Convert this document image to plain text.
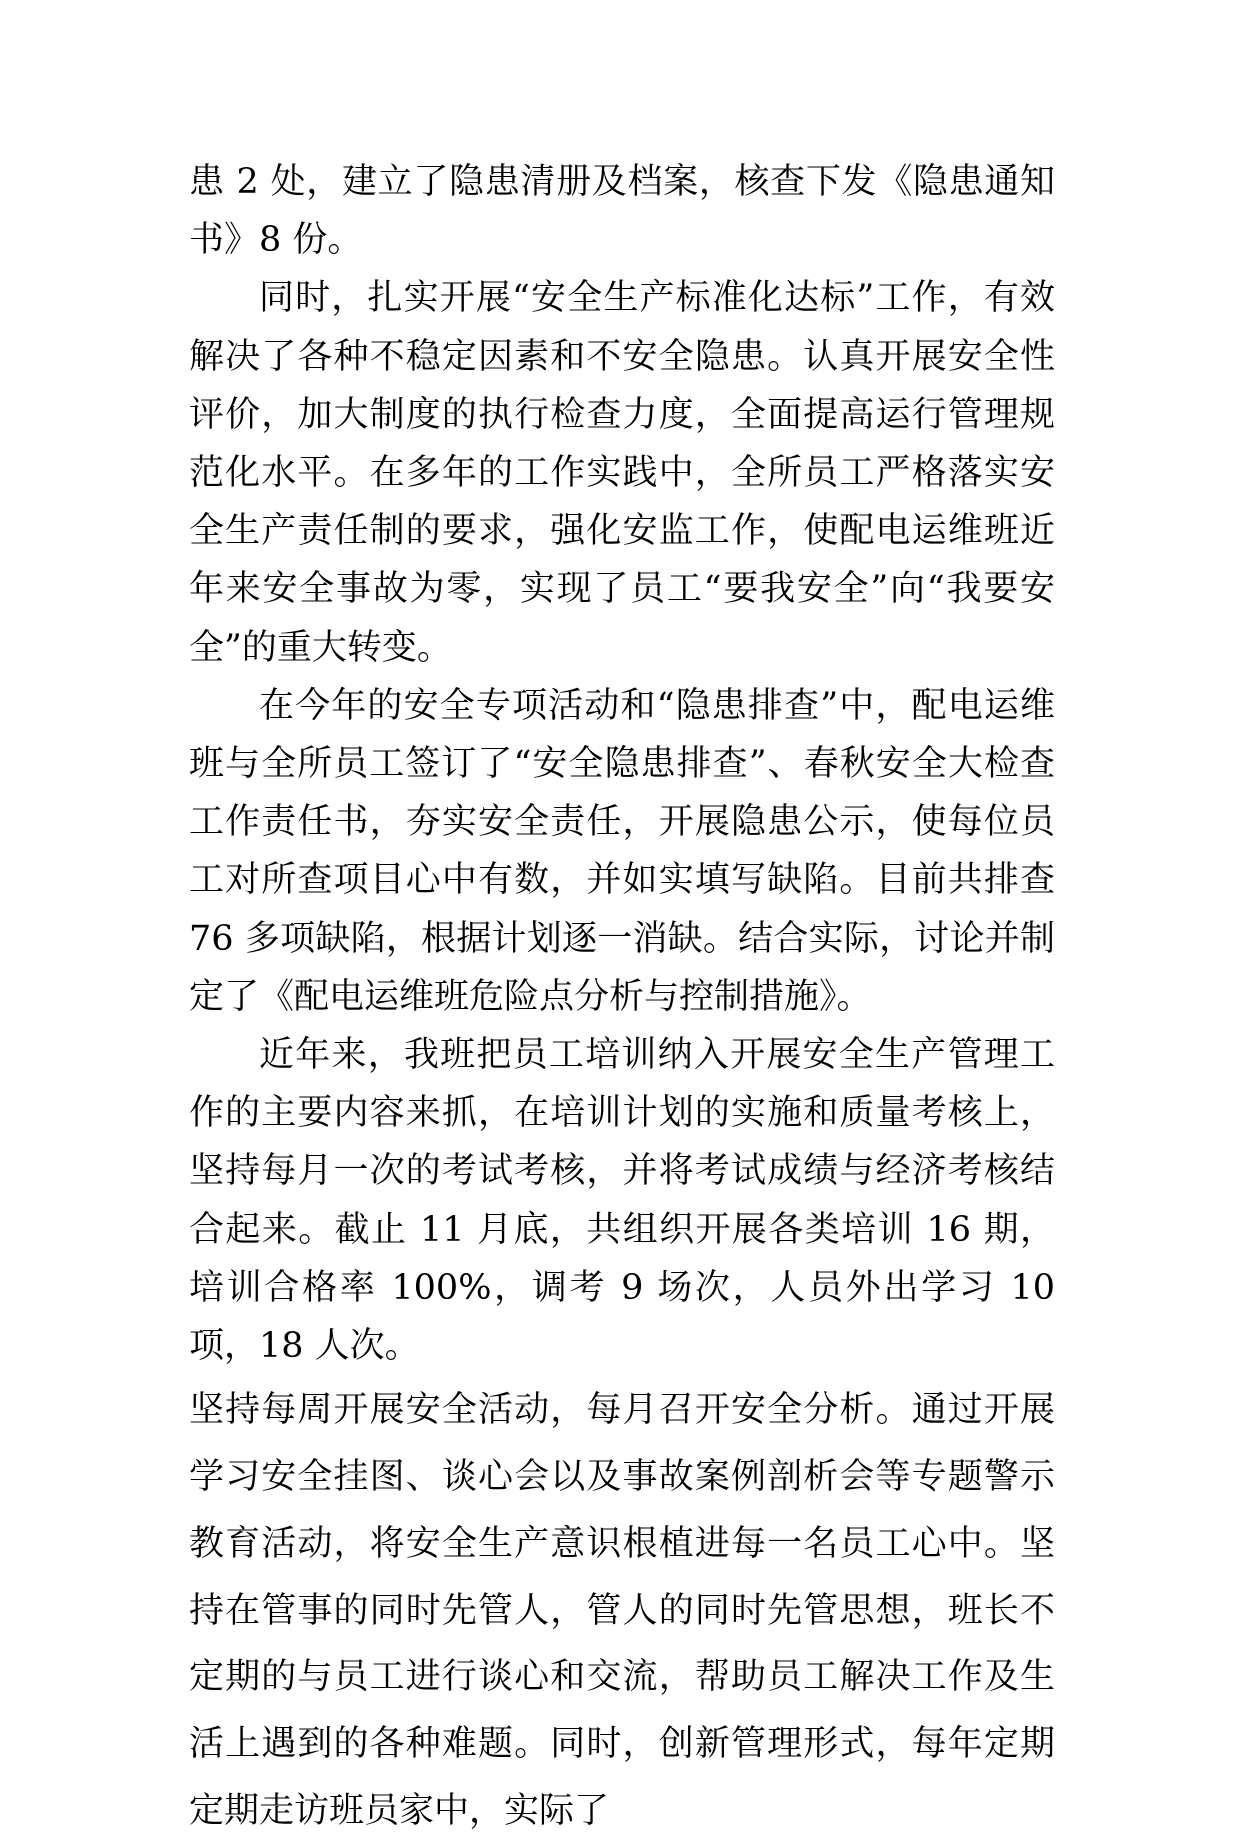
患 2 处，建立了隐患清册及档案，核查下发《隐患通知书》8 份。

同时，扎实开展“安全生产标准化达标”工作，有效解决了各种不稳定因素和不安全隐患。认真开展安全性评价，加大制度的执行检查力度，全面提高运行管理规范化水平。在多年的工作实践中，全所员工严格落实安全生产责任制的要求，强化安监工作，使配电运维班近年来安全事故为零，实现了员工“要我安全”向“我要安全”的重大转变。

在今年的安全专项活动和“隐患排查”中，配电运维班与全所员工签订了“安全隐患排查”、春秋安全大检查工作责任书，夯实安全责任，开展隐患公示，使每位员工对所查项目心中有数，并如实填写缺陷。目前共排查 76 多项缺陷，根据计划逐一消缺。结合实际，讨论并制定了《配电运维班危险点分析与控制措施》。

近年来，我班把员工培训纳入开展安全生产管理工作的主要内容来抓，在培训计划的实施和质量考核上，坚持每月一次的考试考核，并将考试成绩与经济考核结合起来。截止 11 月底，共组织开展各类培训 16 期，培训合格率 100%，调考 9 场次，人员外出学习 10 项，18 人次。

坚持每周开展安全活动，每月召开安全分析。通过开展学习安全挂图、谈心会以及事故案例剖析会等专题警示教育活动，将安全生产意识根植进每一名员工心中。坚持在管事的同时先管人，管人的同时先管思想，班长不定期的与员工进行谈心和交流，帮助员工解决工作及生活上遇到的各种难题。同时，创新管理形式，每年定期定期走访班员家中，实际了
